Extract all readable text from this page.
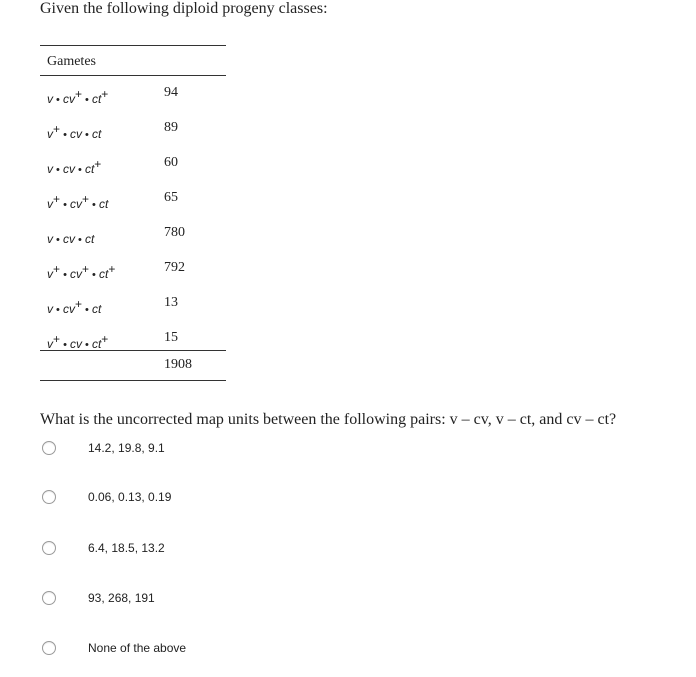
Given the following diploid progeny classes:
Gametes
v • cv+ • ct+	94
v+ • cv • ct	89
v • cv • ct+	60
v+ • cv+ • ct	65
v • cv • ct	780
v+ • cv+ • ct+	792
v • cv+ • ct	13
v+ • cv • ct+	15
1908
What is the uncorrected map units between the following pairs: v – cv, v – ct, and cv – ct?
14.2, 19.8, 9.1
0.06, 0.13, 0.19
6.4, 18.5, 13.2
93, 268, 191
None of the above
